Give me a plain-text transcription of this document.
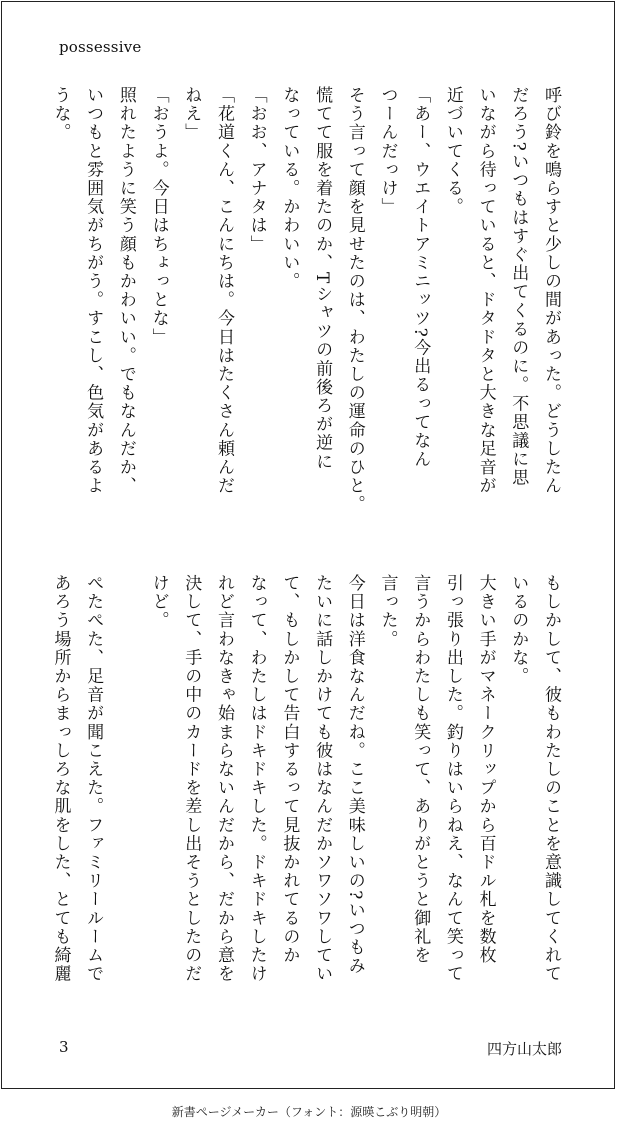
possessive
呼び鈴を鳴らすと少しの間があった。どうしたん
だろう?いつもはすぐ出てくるのに。不思議に思
いながら待っていると、ドタドタと大きな足音が
近づいてくる。
「あー、ウエイトアミニッツ?今出るってなん
つーんだっけ」
そう言って顔を見せたのは、わたしの運命のひと。
慌てて服を着たのか、Tシャツの前後ろが逆に
なっている。かわいい。
「おお、アナタは」
「花道くん、こんにちは。今日はたくさん頼んだ
ねえ」
「おうよ。今日はちょっとな」
照れたように笑う顔もかわいい。でもなんだか、
いつもと雰囲気がちがう。すこし、色気があるよ
うな。
もしかして、彼もわたしのことを意識してくれて
いるのかな。
大きい手がマネークリップから百ドル札を数枚
引っ張り出した。釣りはいらねえ、なんて笑って
言うからわたしも笑って、ありがとうと御礼を
言った。
今日は洋食なんだね。ここ美味しいの?いつもみ
たいに話しかけても彼はなんだかソワソワしてい
て、もしかして告白するって見抜かれてるのか
なって、わたしはドキドキした。ドキドキしたけ
れど言わなきゃ始まらないんだから、だから意を
決して、手の中のカードを差し出そうとしたのだ
けど。

ぺたぺた、足音が聞こえた。ファミリールームで
あろう場所からまっしろな肌をした、とても綺麗
3	四方山太郎
新書ページメーカー（フォント：源暎こぶり明朝）
